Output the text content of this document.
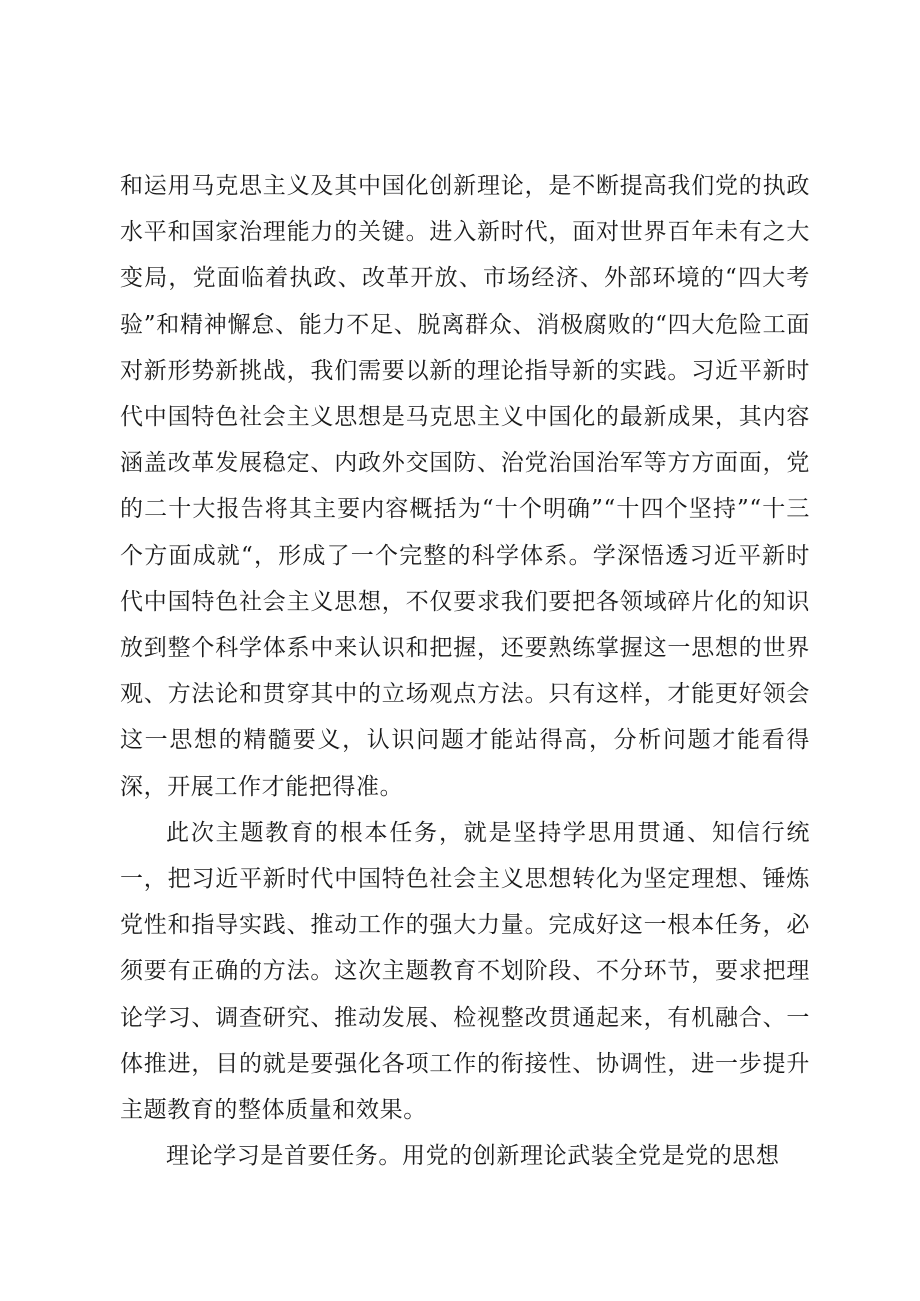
和运用马克思主义及其中国化创新理论，是不断提高我们党的执政水平和国家治理能力的关键。进入新时代，面对世界百年未有之大变局，党面临着执政、改革开放、市场经济、外部环境的“四大考验”和精神懈怠、能力不足、脱离群众、消极腐败的“四大危险工面对新形势新挑战，我们需要以新的理论指导新的实践。习近平新时代中国特色社会主义思想是马克思主义中国化的最新成果，其内容涵盖改革发展稳定、内政外交国防、治党治国治军等方方面面，党的二十大报告将其主要内容概括为“十个明确”“十四个坚持”“十三个方面成就“，形成了一个完整的科学体系。学深悟透习近平新时代中国特色社会主义思想，不仅要求我们要把各领域碎片化的知识放到整个科学体系中来认识和把握，还要熟练掌握这一思想的世界观、方法论和贯穿其中的立场观点方法。只有这样，才能更好领会这一思想的精髓要义，认识问题才能站得高，分析问题才能看得深，开展工作才能把得准。

此次主题教育的根本任务，就是坚持学思用贯通、知信行统一，把习近平新时代中国特色社会主义思想转化为坚定理想、锤炼党性和指导实践、推动工作的强大力量。完成好这一根本任务，必须要有正确的方法。这次主题教育不划阶段、不分环节，要求把理论学习、调查研究、推动发展、检视整改贯通起来，有机融合、一体推进，目的就是要强化各项工作的衔接性、协调性，进一步提升主题教育的整体质量和效果。

理论学习是首要任务。用党的创新理论武装全党是党的思想
